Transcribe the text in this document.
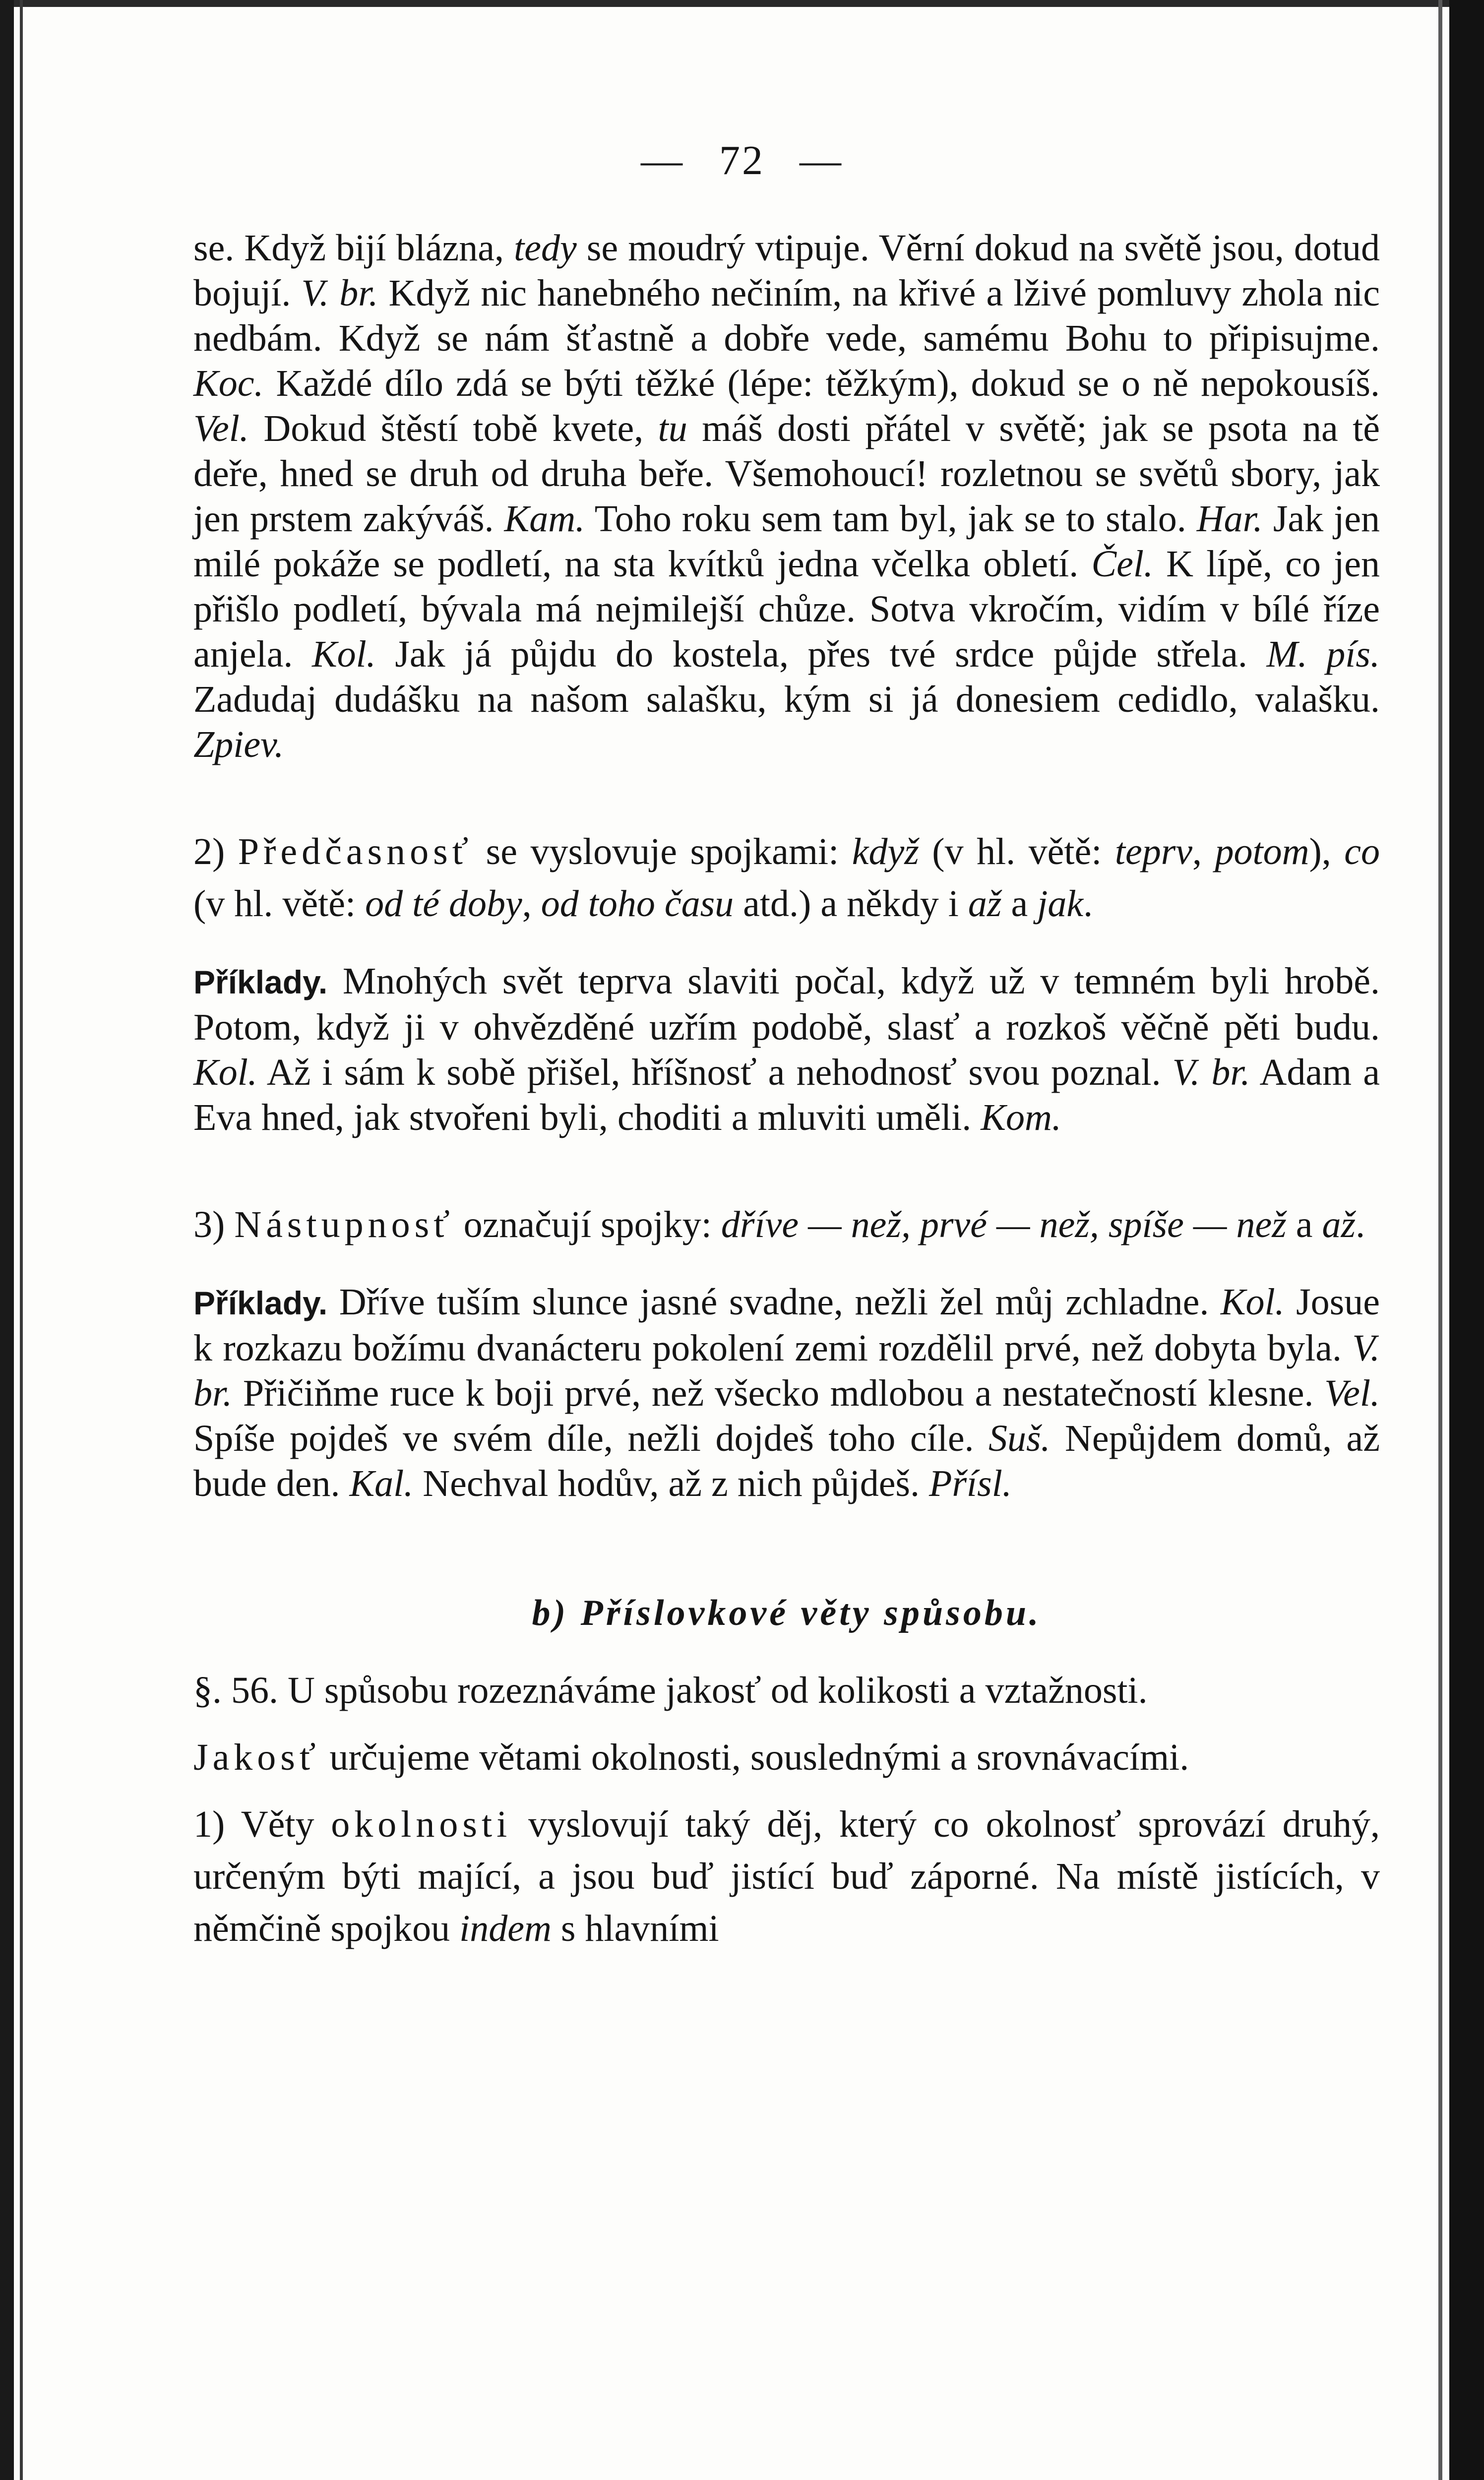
— 72 —

se. Když bijí blázna, tedy se moudrý vtipuje. Věrní dokud na světě jsou, dotud bojují. V. br. Když nic hanebného nečiním, na křivé a lživé pomluvy zhola nic nedbám. Když se nám šťastně a dobře vede, samému Bohu to připisujme. Koc. Každé dílo zdá se býti těžké (lépe: těžkým), dokud se o ně nepokousíš. Vel. Dokud štěstí tobě kvete, tu máš dosti přátel v světě; jak se psota na tě deře, hned se druh od druha beře. Všemohoucí! rozletnou se světů sbory, jak jen prstem zakýváš. Kam. Toho roku sem tam byl, jak se to stalo. Har. Jak jen milé pokáže se podletí, na sta kvítků jedna včelka obletí. Čel. K lípě, co jen přišlo podletí, bývala má nejmilejší chůze. Sotva vkročím, vidím v bílé říze anjela. Kol. Jak já půjdu do kostela, přes tvé srdce půjde střela. M. pís. Zadudaj dudášku na našom salašku, kým si já donesiem cedidlo, valašku. Zpiev.

2) Předčasnosť se vyslovuje spojkami: když (v hl. větě: teprv, potom), co (v hl. větě: od té doby, od toho času atd.) a někdy i až a jak.

Příklady. Mnohých svět teprva slaviti počal, když už v temném byli hrobě. Potom, když ji v ohvězděné uzřím podobě, slasť a rozkoš věčně pěti budu. Kol. Až i sám k sobě přišel, hříšnosť a nehodnosť svou poznal. V. br. Adam a Eva hned, jak stvořeni byli, choditi a mluviti uměli. Kom.

3) Nástupnosť označují spojky: dříve — než, prvé — než, spíše — než a až.

Příklady. Dříve tuším slunce jasné svadne, nežli žel můj zchladne. Kol. Josue k rozkazu božímu dvanácteru pokolení zemi rozdělil prvé, než dobyta byla. V. br. Přičiňme ruce k boji prvé, než všecko mdlobou a nestatečností klesne. Vel. Spíše pojdeš ve svém díle, nežli dojdeš toho cíle. Suš. Nepůjdem domů, až bude den. Kal. Nechval hodův, až z nich půjdeš. Přísl.

b) Příslovkové věty spůsobu.

§. 56. U spůsobu rozeznáváme jakosť od kolikosti a vztažnosti.

Jakosť určujeme větami okolnosti, souslednými a srovnávacími.

1) Věty okolnosti vyslovují taký děj, který co okolnosť sprovází druhý, určeným býti mající, a jsou buď jistící buď záporné. Na místě jistících, v němčině spojkou indem s hlavními
